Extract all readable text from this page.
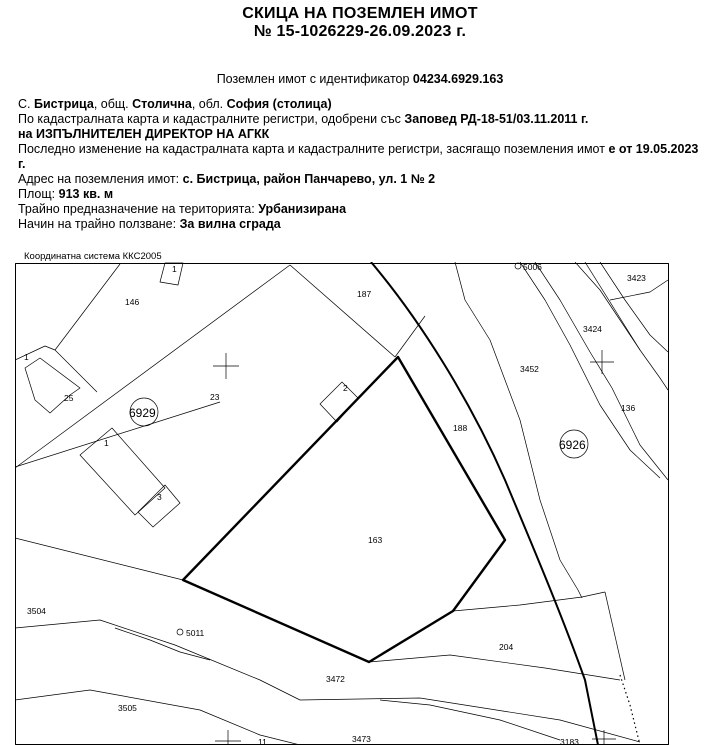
СКИЦА НА ПОЗЕМЛЕН ИМОТ
№ 15-1026229-26.09.2023 г.
Поземлен имот с идентификатор 04234.6929.163
С. Бистрица, общ. Столична, обл. София (столица)
По кадастралната карта и кадастралните регистри, одобрени със Заповед РД-18-51/03.11.2011 г.
на ИЗПЪЛНИТЕЛЕН ДИРЕКТОР НА АГКК
Последно изменение на кадастралната карта и кадастралните регистри, засягащо поземления имот е от 19.05.2023 г.
Адрес на поземления имот: с. Бистрица, район Панчарево, ул. 1 № 2
Площ: 913 кв. м
Трайно предназначение на територията: Урбанизирана
Начин на трайно ползване: За вилна сграда
Координатна система ККС2005
1
146
187
5006
3423
3424
3452
136
1
25	23
2
1
3
188
163
3504
5011
204
3472
3505
3473
11	3183
6929
6926
